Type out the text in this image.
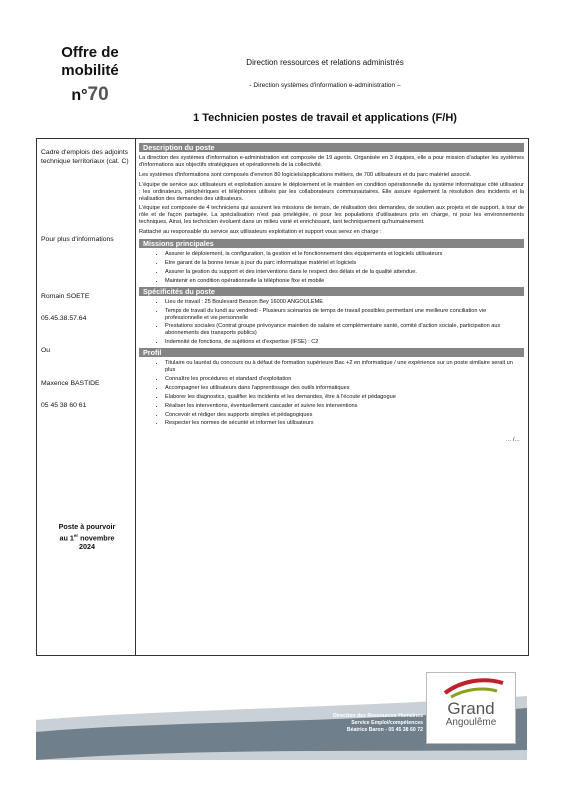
Offre de
mobilité
n°70
Direction ressources et relations administrés
- Direction systèmes d'information e-administration –
1 Technicien postes de travail et applications (F/H)
Cadre d'emplois des adjoints technique territoriaux (cat. C)
Pour plus d'informations
Romain SOETE
05.45.38.57.64
Ou
Maxence BASTIDE
05 45 38 60 61
Poste à pourvoir
au 1er novembre
2024
Description du poste
La direction des systèmes d'information e-administration est composée de 19 agents. Organisée en 3 équipes, elle a pour mission d'adapter les systèmes d'informations aux objectifs stratégiques et opérationnels de la collectivité.
Les systèmes d'informations sont composés d'environ 80 logiciels/applications métiers, de 700 utilisateurs et du parc matériel associé.
L'équipe de service aux utilisateurs et exploitation assure le déploiement et le maintien en condition opérationnelle du système informatique côté utilisateur : les ordinateurs, périphériques et téléphones utilisés par les collaborateurs communautaires. Elle assure également la résolution des incidents et la réalisation des demandes des utilisateurs.
L'équipe est composée de 4 techniciens qui assurent les missions de terrain, de réalisation des demandes, de soutien aux projets et de support, à tour de rôle et de façon partagée. La spécialisation n'est pas privilégiée, ni pour les populations d'utilisateurs pris en charge, ni pour les environnements techniques. Ainsi, les technicien évoluent dans un milieu varié et enrichissant, tant techniquement qu'humainement.
Rattaché au responsable du service aux utilisateurs exploitation et support vous serez en charge :
Missions principales
• Assurer le déploiement, la configuration, la gestion et le fonctionnement des équipements et logiciels utilisateurs
• Etre garant de la bonne tenue à jour du parc informatique matériel et logiciels
• Assurer la gestion du support et des interventions dans le respect des délais et de la qualité attendue.
• Maintenir en condition opérationnelle la téléphonie fixe et mobile
Spécificités du poste
• Lieu de travail : 25 Boulevard Besson Bey 16000 ANGOULEME
• Temps de travail du lundi au vendredi - Plusieurs scénarios de temps de travail possibles permettant une meilleure conciliation vie professionnelle et vie personnelle
• Prestations sociales (Contrat groupe prévoyance maintien de salaire et complémentaire santé, comité d'action sociale, participation aux abonnements des transports publics)
• Indemnité de fonctions, de sujétions et d'expertise (IFSE) : C2
Profil
• Titulaire ou lauréat du concours ou à défaut de formation supérieure Bac +2 en informatique / une expérience sur un poste similaire serait un plus
• Connaître les procédures et standard d'exploitation
• Accompagner les utilisateurs dans l'apprentissage des outils informatiques
• Elaborer les diagnostics, qualifier les incidents et les demandes, être à l'écoute et pédagogue
• Réaliser les interventions, éventuellement cascader et suivre les interventions
• Concevoir et rédiger des supports simples et pédagogiques
• Respecter les normes de sécurité et informer les utilisateurs
… /…
Direction des Ressources Humaines
Service Emploi/compétences
Béatrice Baron - 05 45 38 60 72
Grand
Angoulême
